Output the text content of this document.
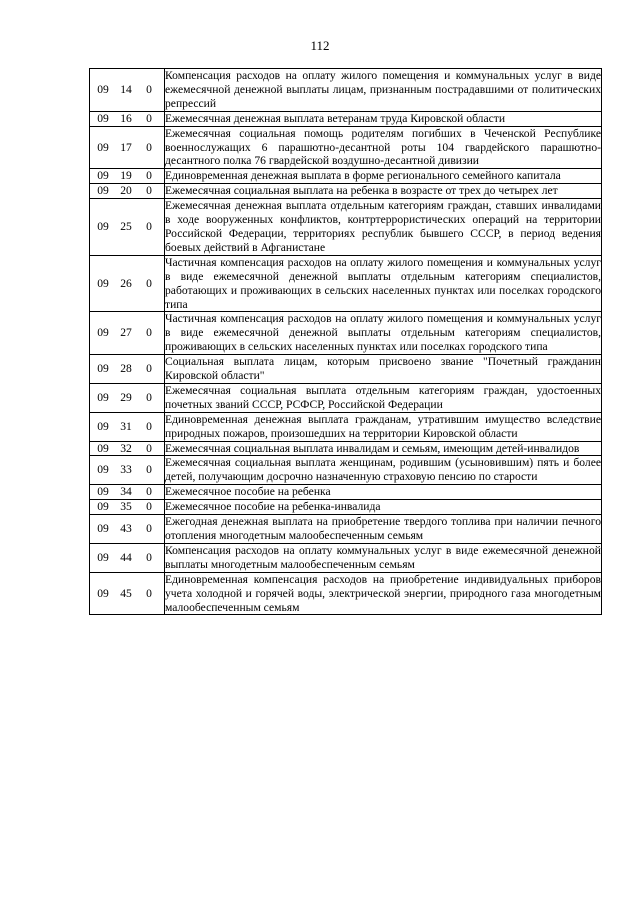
112
09 14 0	Компенсация расходов на оплату жилого помещения и коммунальных услуг в виде ежемесячной денежной выплаты лицам, признанным пострадавшими от политических репрессий
09 16 0	Ежемесячная денежная выплата ветеранам труда Кировской области
09 17 0	Ежемесячная социальная помощь родителям погибших в Чеченской Республике военнослужащих 6 парашютно-десантной роты 104 гвардейского парашютно-десантного полка 76 гвардейской воздушно-десантной дивизии
09 19 0	Единовременная денежная выплата в форме регионального семейного капитала
09 20 0	Ежемесячная социальная выплата на ребенка в возрасте от трех до четырех лет
09 25 0	Ежемесячная денежная выплата отдельным категориям граждан, ставших инвалидами в ходе вооруженных конфликтов, контртеррористических операций на территории Российской Федерации, территориях республик бывшего СССР, в период ведения боевых действий в Афганистане
09 26 0	Частичная компенсация расходов на оплату жилого помещения и коммунальных услуг в виде ежемесячной денежной выплаты отдельным категориям специалистов, работающих и проживающих в сельских населенных пунктах или поселках городского типа
09 27 0	Частичная компенсация расходов на оплату жилого помещения и коммунальных услуг в виде ежемесячной денежной выплаты отдельным категориям специалистов, проживающих в сельских населенных пунктах или поселках городского типа
09 28 0	Социальная выплата лицам, которым присвоено звание "Почетный гражданин Кировской области"
09 29 0	Ежемесячная социальная выплата отдельным категориям граждан, удостоенных почетных званий СССР, РСФСР, Российской Федерации
09 31 0	Единовременная денежная выплата гражданам, утратившим имущество вследствие природных пожаров, произошедших на территории Кировской области
09 32 0	Ежемесячная социальная выплата инвалидам и семьям, имеющим детей-инвалидов
09 33 0	Ежемесячная социальная выплата женщинам, родившим (усыновившим) пять и более детей, получающим досрочно назначенную страховую пенсию по старости
09 34 0	Ежемесячное пособие на ребенка
09 35 0	Ежемесячное пособие на ребенка-инвалида
09 43 0	Ежегодная денежная выплата на приобретение твердого топлива при наличии печного отопления многодетным малообеспеченным семьям
09 44 0	Компенсация расходов на оплату коммунальных услуг в виде ежемесячной денежной выплаты многодетным малообеспеченным семьям
09 45 0	Единовременная компенсация расходов на приобретение индивидуальных приборов учета холодной и горячей воды, электрической энергии, природного газа многодетным малообеспеченным семьям
